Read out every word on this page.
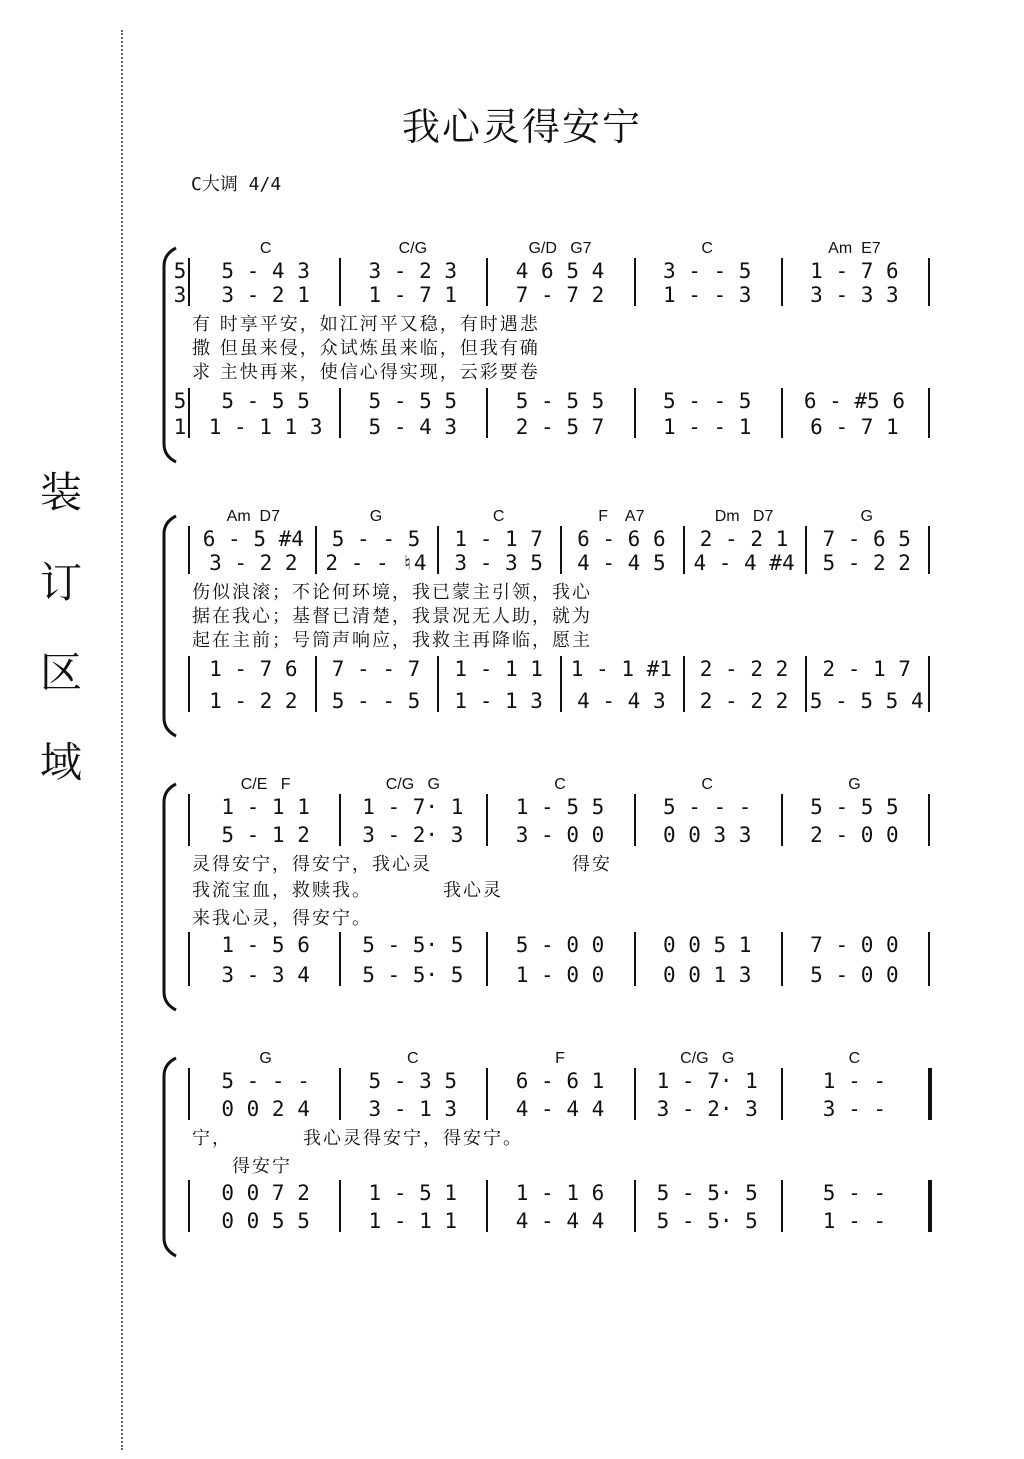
装
订
区
域
我心灵得安宁
C大调 4/4
C	C/G	G/D   G7	C	Am  E7
5	5 - 4 3	3 - 2 3	4 6 5 4	3 - - 5	1 - 7 6
3	3 - 2 1	1 - 7 1	7 - 7 2	1 - - 3	3 - 3 3
有 时享平安，如江河平又稳，有时遇悲
撒 但虽来侵，众试炼虽来临，但我有确
求 主快再来，使信心得实现，云彩要卷
5	5 - 5 5	5 - 5 5	5 - 5 5	5 - - 5	6 - #5 6
1	1 - 1 1 3	5 - 4 3	2 - 5 7	1 - - 1	6 - 7 1
Am  D7	G	C	F    A7	Dm   D7	G
6 - 5 #4	5 - - 5	1 - 1 7	6 - 6 6	2 - 2 1	7 - 6 5
3 - 2 2	2 - - ♮4	3 - 3 5	4 - 4 5	4 - 4 #4	5 - 2 2
伤似浪滚；不论何环境，我已蒙主引领，我心
据在我心；基督已清楚，我景况无人助，就为
起在主前；号筒声响应，我救主再降临，愿主
1 - 7 6	7 - - 7	1 - 1 1	1 - 1 #1	2 - 2 2	2 - 1 7
1 - 2 2	5 - - 5	1 - 1 3	4 - 4 3	2 - 2 2	5 - 5 5 4
C/E   F	C/G   G	C	C	G
1 - 1 1	1 - 7· 1	1 - 5 5	5 - - -	5 - 5 5
5 - 1 2	3 - 2· 3	3 - 0 0	0 0 3 3	2 - 0 0
灵得安宁，得安宁，我心灵　　　　　　　得安
我流宝血，救赎我。　　　　我心灵
来我心灵，得安宁。
1 - 5 6	5 - 5· 5	5 - 0 0	0 0 5 1	7 - 0 0
3 - 3 4	5 - 5· 5	1 - 0 0	0 0 1 3	5 - 0 0
G	C	F	C/G   G	C
5 - - -	5 - 3 5	6 - 6 1	1 - 7· 1	1 - -
0 0 2 4	3 - 1 3	4 - 4 4	3 - 2· 3	3 - -
宁，　　　　我心灵得安宁，得安宁。
　　得安宁
0 0 7 2	1 - 5 1	1 - 1 6	5 - 5· 5	5 - -
0 0 5 5	1 - 1 1	4 - 4 4	5 - 5· 5	1 - -
